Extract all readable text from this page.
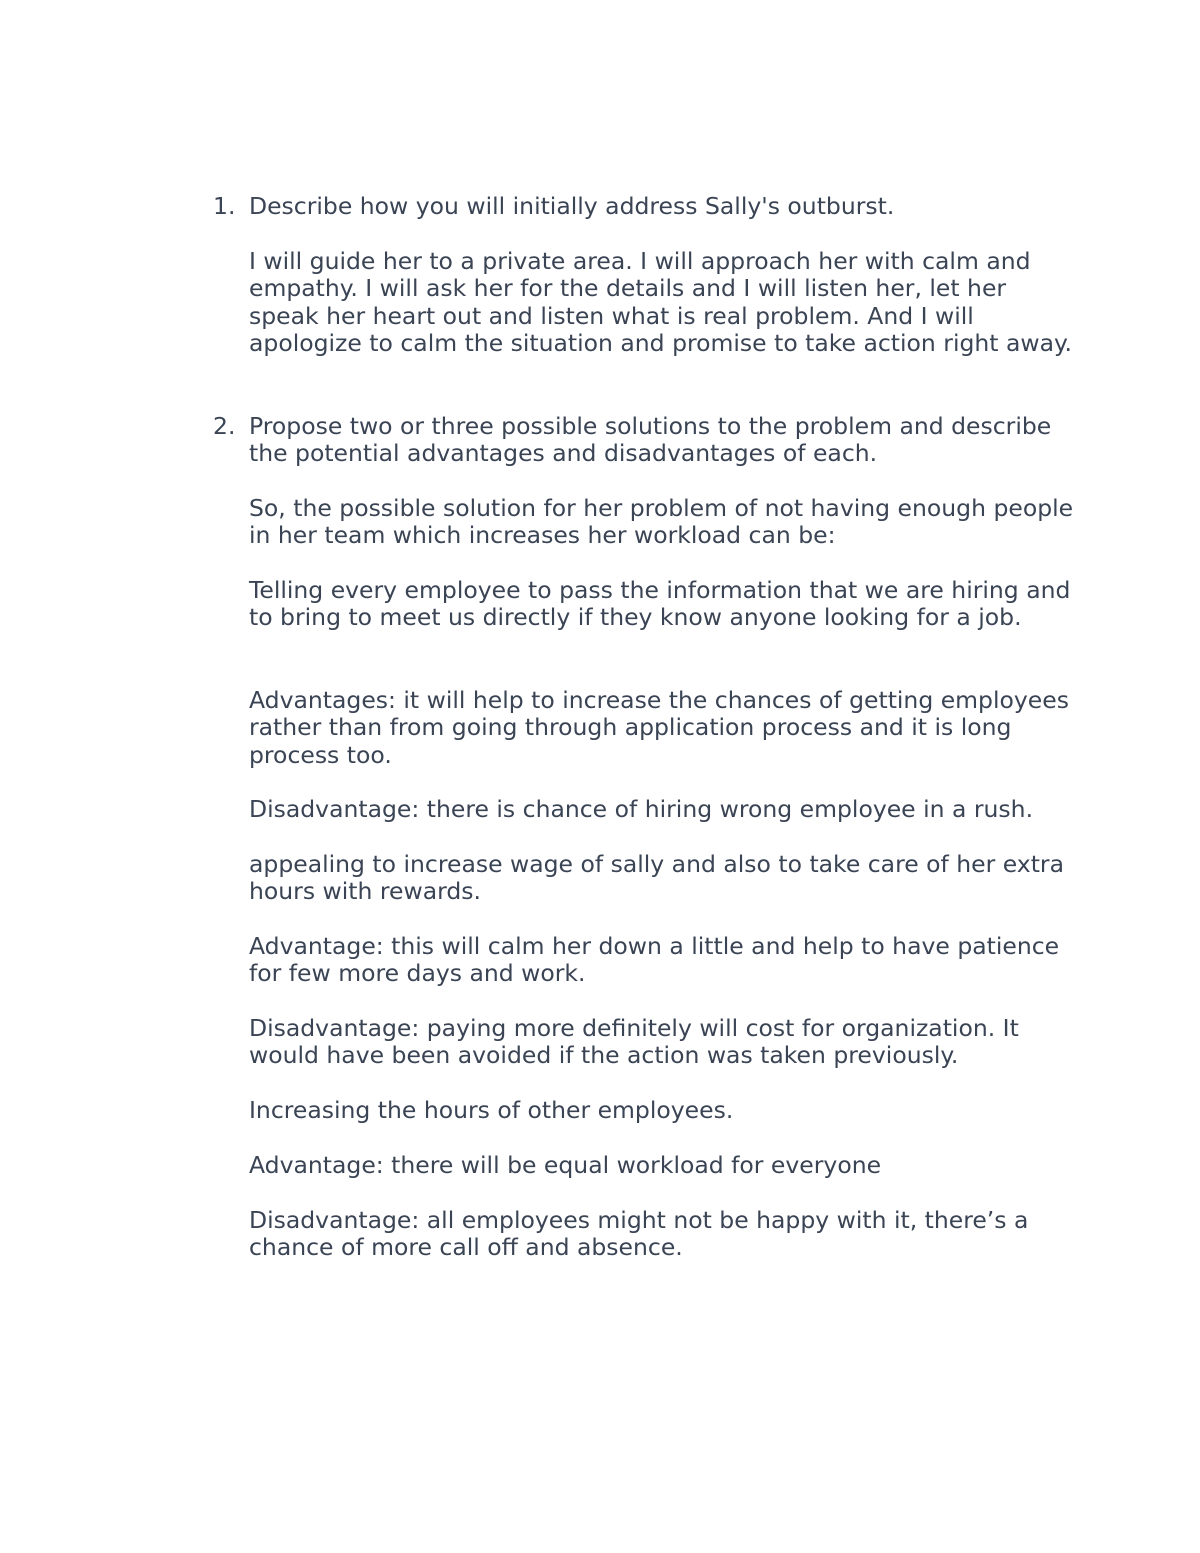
1. Describe how you will initially address Sally's outburst.

I will guide her to a private area. I will approach her with calm and empathy. I will ask her for the details and I will listen her, let her speak her heart out and listen what is real problem. And I will apologize to calm the situation and promise to take action right away.

2. Propose two or three possible solutions to the problem and describe the potential advantages and disadvantages of each.

So, the possible solution for her problem of not having enough people in her team which increases her workload can be:

Telling every employee to pass the information that we are hiring and to bring to meet us directly if they know anyone looking for a job.

Advantages: it will help to increase the chances of getting employees rather than from going through application process and it is long process too.

Disadvantage: there is chance of hiring wrong employee in a rush.

appealing to increase wage of sally and also to take care of her extra hours with rewards.

Advantage: this will calm her down a little and help to have patience for few more days and work.

Disadvantage: paying more definitely will cost for organization. It would have been avoided if the action was taken previously.

Increasing the hours of other employees.

Advantage: there will be equal workload for everyone

Disadvantage: all employees might not be happy with it, there’s a chance of more call off and absence.
